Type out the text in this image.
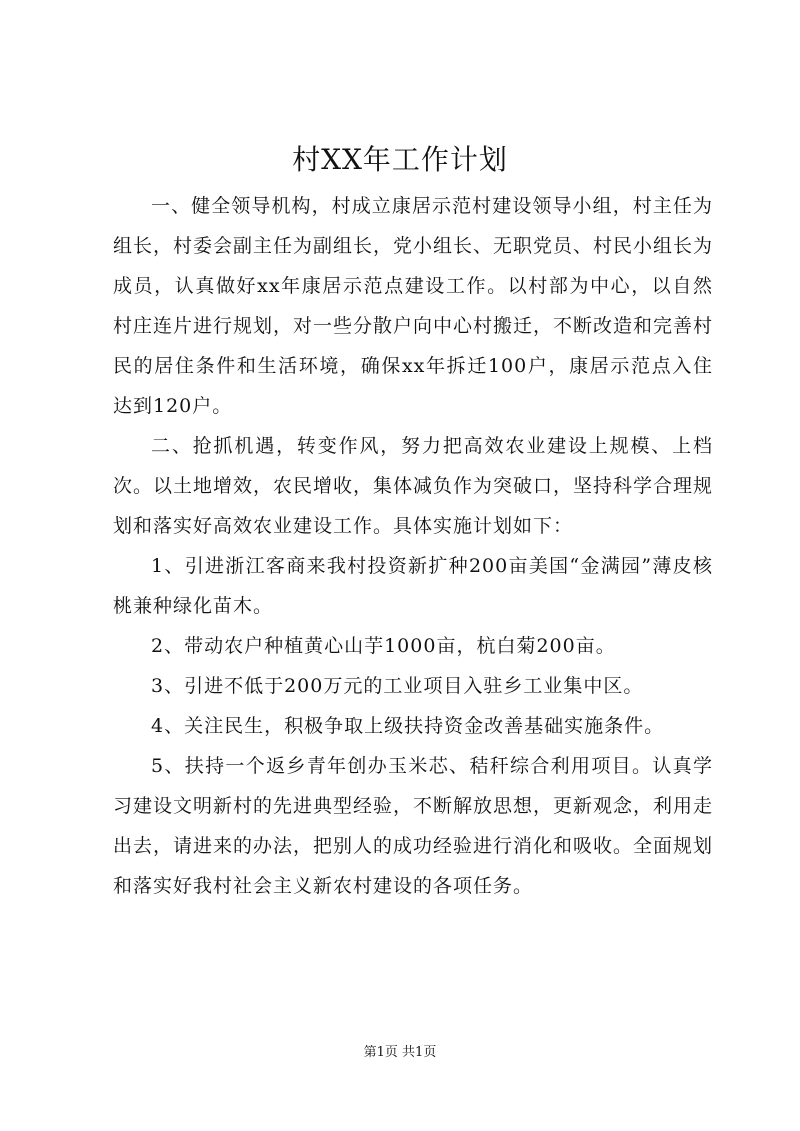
村XX年工作计划

一、健全领导机构，村成立康居示范村建设领导小组，村主任为组长，村委会副主任为副组长，党小组长、无职党员、村民小组长为成员，认真做好xx年康居示范点建设工作。以村部为中心，以自然村庄连片进行规划，对一些分散户向中心村搬迁，不断改造和完善村民的居住条件和生活环境，确保xx年拆迁100户，康居示范点入住达到120户。

二、抢抓机遇，转变作风，努力把高效农业建设上规模、上档次。以土地增效，农民增收，集体减负作为突破口，坚持科学合理规划和落实好高效农业建设工作。具体实施计划如下：

1、引进浙江客商来我村投资新扩种200亩美国“金满园”薄皮核桃兼种绿化苗木。

2、带动农户种植黄心山芋1000亩，杭白菊200亩。

3、引进不低于200万元的工业项目入驻乡工业集中区。

4、关注民生，积极争取上级扶持资金改善基础实施条件。

5、扶持一个返乡青年创办玉米芯、秸秆综合利用项目。认真学习建设文明新村的先进典型经验，不断解放思想，更新观念，利用走出去，请进来的办法，把别人的成功经验进行消化和吸收。全面规划和落实好我村社会主义新农村建设的各项任务。

第1页 共1页
